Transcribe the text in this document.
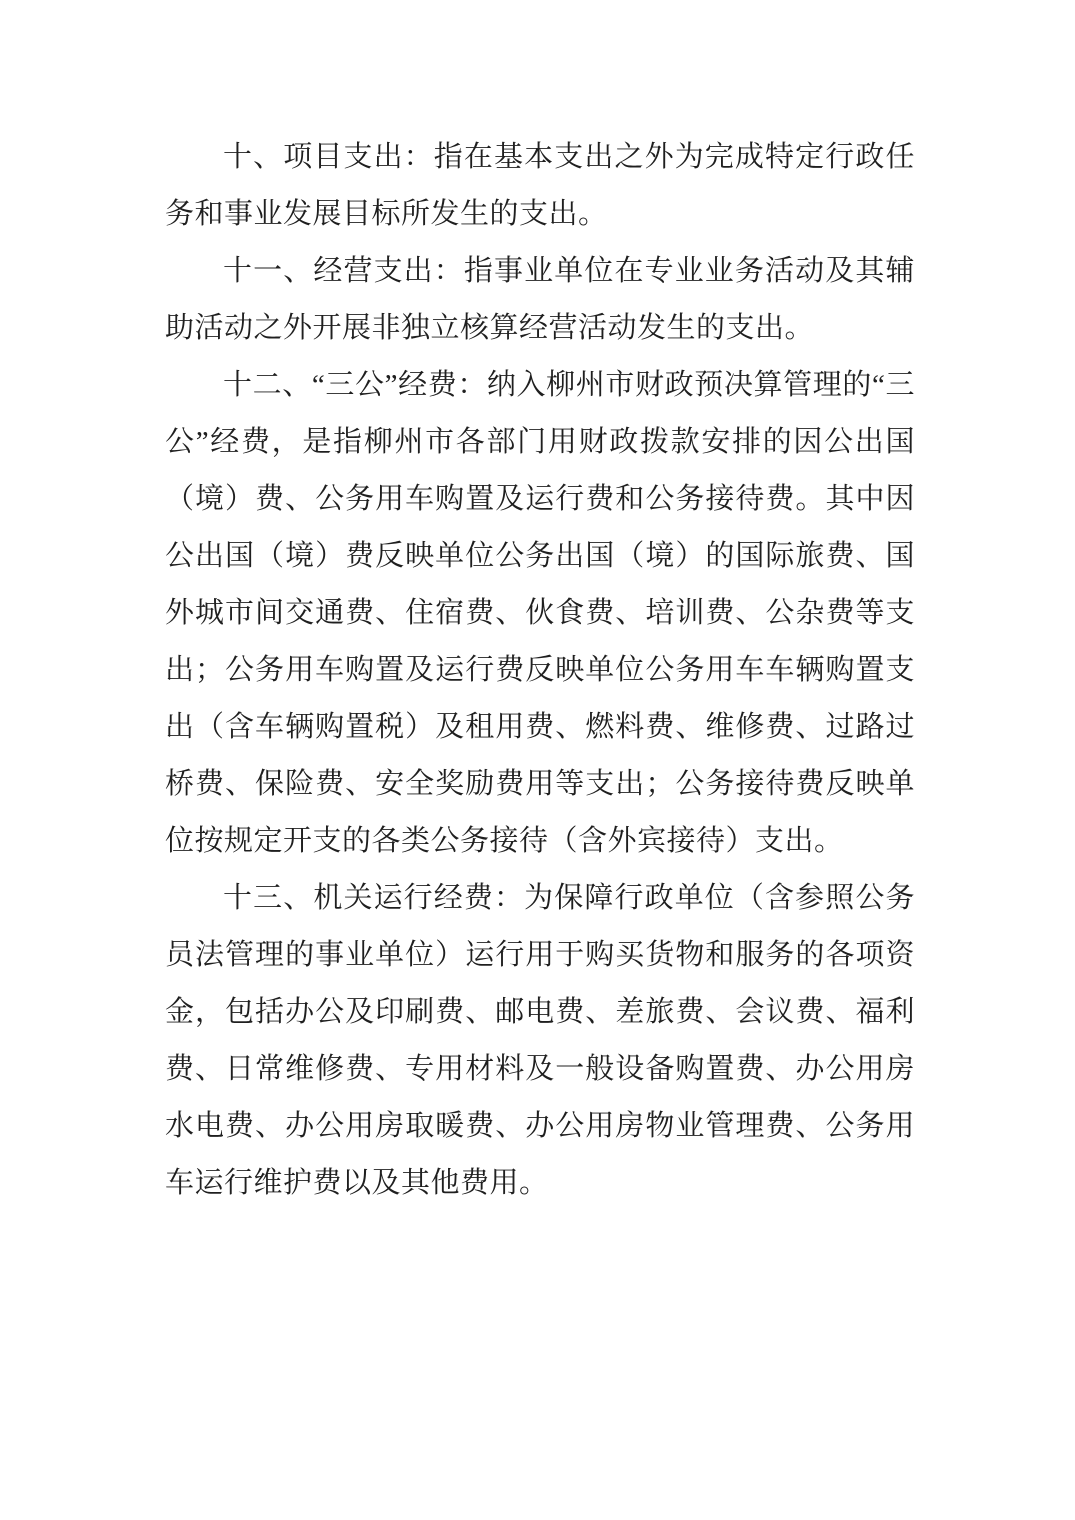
十、项目支出：指在基本支出之外为完成特定行政任务和事业发展目标所发生的支出。

十一、经营支出：指事业单位在专业业务活动及其辅助活动之外开展非独立核算经营活动发生的支出。

十二、“三公”经费：纳入柳州市财政预决算管理的“三公”经费，是指柳州市各部门用财政拨款安排的因公出国（境）费、公务用车购置及运行费和公务接待费。其中因公出国（境）费反映单位公务出国（境）的国际旅费、国外城市间交通费、住宿费、伙食费、培训费、公杂费等支出；公务用车购置及运行费反映单位公务用车车辆购置支出（含车辆购置税）及租用费、燃料费、维修费、过路过桥费、保险费、安全奖励费用等支出；公务接待费反映单位按规定开支的各类公务接待（含外宾接待）支出。

十三、机关运行经费：为保障行政单位（含参照公务员法管理的事业单位）运行用于购买货物和服务的各项资金，包括办公及印刷费、邮电费、差旅费、会议费、福利费、日常维修费、专用材料及一般设备购置费、办公用房水电费、办公用房取暖费、办公用房物业管理费、公务用车运行维护费以及其他费用。
